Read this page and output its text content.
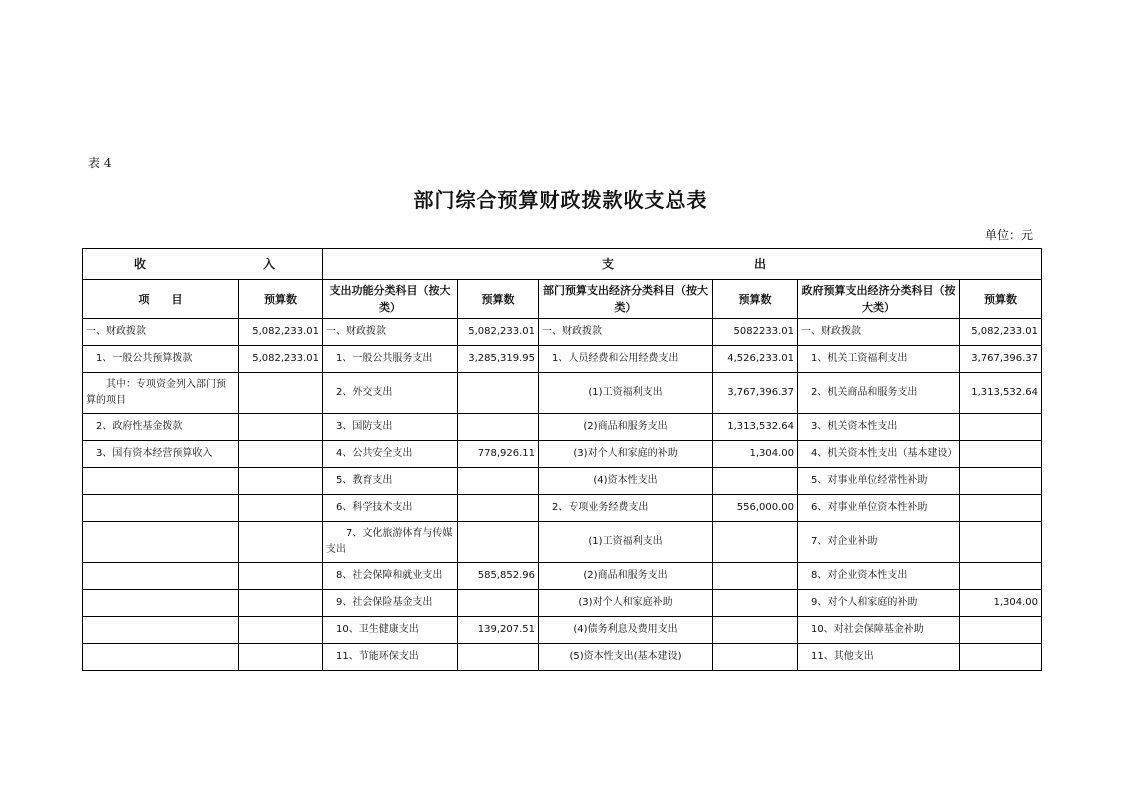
表 4
部门综合预算财政拨款收支总表
单位：元
收 入		支 出					

项　　目	预算数	支出功能分类科目（按大类）	预算数	部门预算支出经济分类科目（按大类）	预算数	政府预算支出经济分类科目（按大类）	预算数
一、财政拨款	5,082,233.01	一、财政拨款	5,082,233.01	一、财政拨款	5082233.01	一、财政拨款	5,082,233.01
　1、一般公共预算拨款	5,082,233.01	　1、一般公共服务支出	3,285,319.95	　1、人员经费和公用经费支出	4,526,233.01	　1、机关工资福利支出	3,767,396.37
　　其中：专项资金列入部门预算的项目		　2、外交支出		(1)工资福利支出	3,767,396.37	　2、机关商品和服务支出	1,313,532.64
　2、政府性基金拨款		　3、国防支出		(2)商品和服务支出	1,313,532.64	　3、机关资本性支出	
　3、国有资本经营预算收入		　4、公共安全支出	778,926.11	(3)对个人和家庭的补助	1,304.00	　4、机关资本性支出（基本建设）	
		　5、教育支出		(4)资本性支出		　5、对事业单位经常性补助	
		　6、科学技术支出		　2、专项业务经费支出	556,000.00	　6、对事业单位资本性补助	
		　　7、文化旅游体育与传媒支出		(1)工资福利支出		　7、对企业补助	
		　8、社会保障和就业支出	585,852.96	(2)商品和服务支出		　8、对企业资本性支出	
		　9、社会保险基金支出		(3)对个人和家庭补助		　9、对个人和家庭的补助	1,304.00
		　10、卫生健康支出	139,207.51	(4)债务利息及费用支出		　10、对社会保障基金补助	
		　11、节能环保支出		(5)资本性支出(基本建设)		　11、其他支出	
